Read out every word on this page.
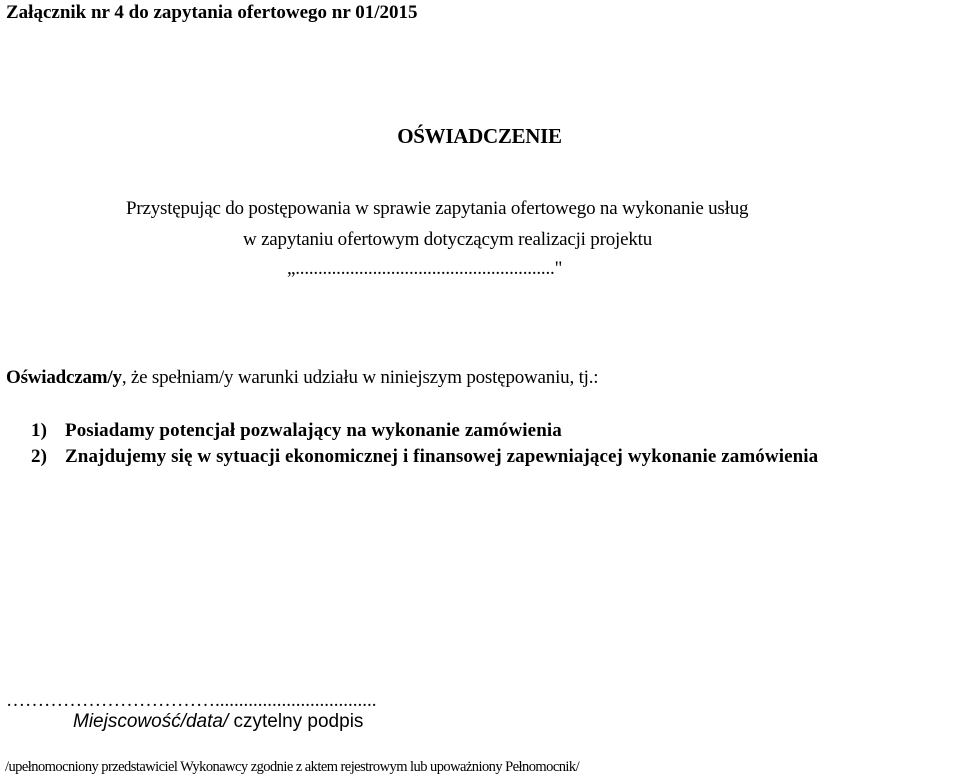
Załącznik nr 4 do zapytania ofertowego nr 01/2015
OŚWIADCZENIE
Przystępując do postępowania w sprawie zapytania ofertowego na wykonanie usług
w zapytaniu ofertowym dotyczącym realizacji projektu
„........................................................."
Oświadczam/y, że spełniam/y warunki udziału w niniejszym postępowaniu, tj.:
1) Posiadamy potencjał pozwalający na wykonanie zamówienia
2) Znajdujemy się w sytuacji ekonomicznej i finansowej zapewniającej wykonanie zamówienia
……………………………..................................
Miejscowość/data/ czytelny podpis
/upełnomocniony przedstawiciel Wykonawcy zgodnie z aktem rejestrowym lub upoważniony Pełnomocnik/
